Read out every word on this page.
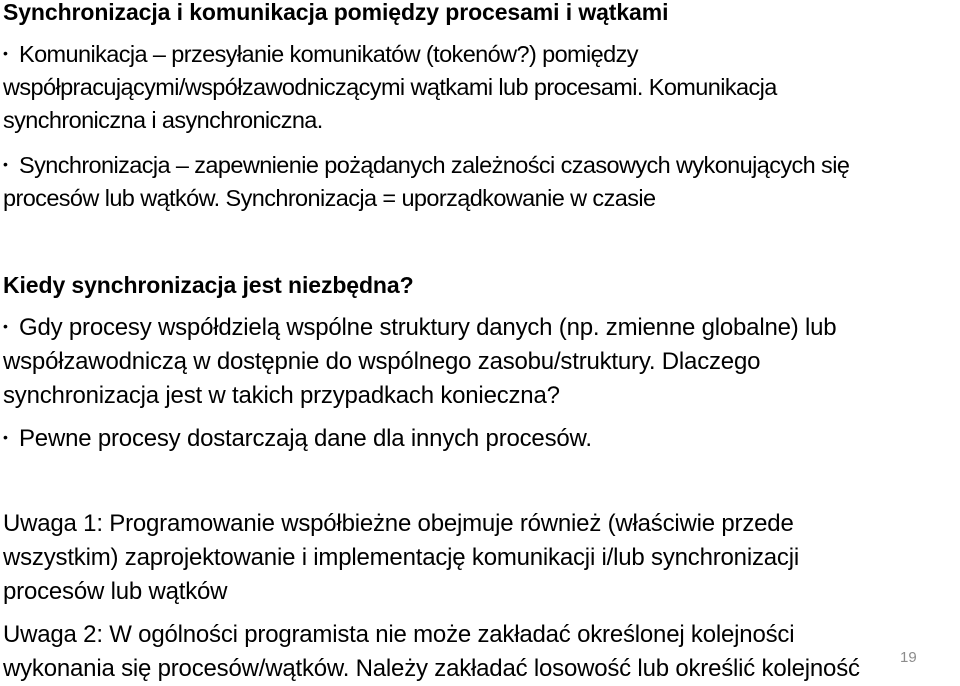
Synchronizacja i komunikacja pomiędzy procesami i wątkami
• Komunikacja – przesyłanie komunikatów (tokenów?) pomiędzy
współpracującymi/współzawodniczącymi wątkami lub procesami. Komunikacja
synchroniczna i asynchroniczna.
• Synchronizacja – zapewnienie pożądanych zależności czasowych wykonujących się
procesów lub wątków. Synchronizacja = uporządkowanie w czasie
Kiedy synchronizacja jest niezbędna?
• Gdy procesy współdzielą wspólne struktury danych (np. zmienne globalne) lub
współzawodniczą w dostępnie do wspólnego zasobu/struktury. Dlaczego
synchronizacja jest w takich przypadkach konieczna?
• Pewne procesy dostarczają dane dla innych procesów.
Uwaga 1: Programowanie współbieżne obejmuje również (właściwie przede
wszystkim) zaprojektowanie i implementację komunikacji i/lub synchronizacji
procesów lub wątków
Uwaga 2: W ogólności programista nie może zakładać określonej kolejności
wykonania się procesów/wątków. Należy zakładać losowość lub określić kolejność	19
